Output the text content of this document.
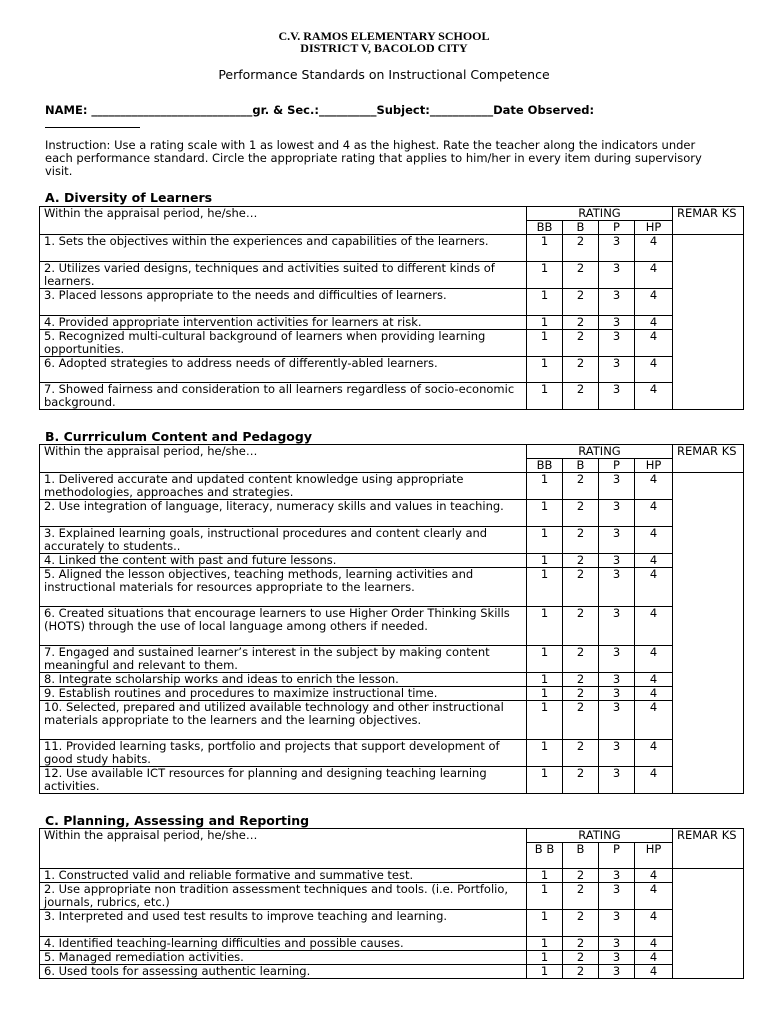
C.V. RAMOS ELEMENTARY SCHOOL
DISTRICT V, BACOLOD CITY
Performance Standards on Instructional Competence
NAME: ____________________________gr. & Sec.:__________Subject:___________Date Observed:
Instruction: Use a rating scale with 1 as lowest and 4 as the highest. Rate the teacher along the indicators under each performance standard. Circle the appropriate rating that applies to him/her in every item during supervisory visit.
A. Diversity of Learners
Within the appraisal period, he/she…	RATING				REMAR KS
	BB	B	P	HP	
1. Sets the objectives within the experiences and capabilities of the learners.	1	2	3	4	
2. Utilizes varied designs, techniques and activities suited to different kinds of learners.	1	2	3	4	
3. Placed lessons appropriate to the needs and difficulties of learners.	1	2	3	4	
4. Provided appropriate intervention activities for learners at risk.	1	2	3	4	
5. Recognized multi-cultural background of learners when providing learning opportunities.	1	2	3	4	
6. Adopted strategies to address needs of differently-abled learners.	1	2	3	4	
7. Showed fairness and consideration to all learners regardless of socio-economic background.	1	2	3	4	
B. Currriculum Content and Pedagogy
Within the appraisal period, he/she…	RATING				REMAR KS
	BB	B	P	HP	
1. Delivered accurate and updated content knowledge using appropriate methodologies, approaches and strategies.	1	2	3	4	
2. Use integration of language, literacy, numeracy skills and values in teaching.	1	2	3	4	
3. Explained learning goals, instructional procedures and content clearly and accurately to students..	1	2	3	4	
4. Linked the content with past and future lessons.	1	2	3	4	
5. Aligned the lesson objectives, teaching methods, learning activities and instructional materials for resources appropriate to the learners.	1	2	3	4	
6. Created situations that encourage learners to use Higher Order Thinking Skills (HOTS) through the use of local language among others if needed.	1	2	3	4	
7. Engaged and sustained learner’s interest in the subject by making content meaningful and relevant to them.	1	2	3	4	
8. Integrate scholarship works and ideas to enrich the lesson.	1	2	3	4	
9. Establish routines and procedures to maximize instructional time.	1	2	3	4	
10. Selected, prepared and utilized available technology and other instructional materials appropriate to the learners and the learning objectives.	1	2	3	4	
11. Provided learning tasks, portfolio and projects that support development of good study habits.	1	2	3	4	
12. Use available ICT resources for planning and designing teaching learning activities.	1	2	3	4	
C. Planning, Assessing and Reporting
Within the appraisal period, he/she…	RATING				REMAR KS
	B B	B	P	HP	
1. Constructed valid and reliable formative and summative test.	1	2	3	4	
2. Use appropriate non tradition assessment techniques and tools. (i.e. Portfolio, journals, rubrics, etc.)	1	2	3	4	
3. Interpreted and used test results to improve teaching and learning.	1	2	3	4	
4. Identified teaching-learning difficulties and possible causes.	1	2	3	4	
5. Managed remediation activities.	1	2	3	4	
6. Used tools for assessing authentic learning.	1	2	3	4	
